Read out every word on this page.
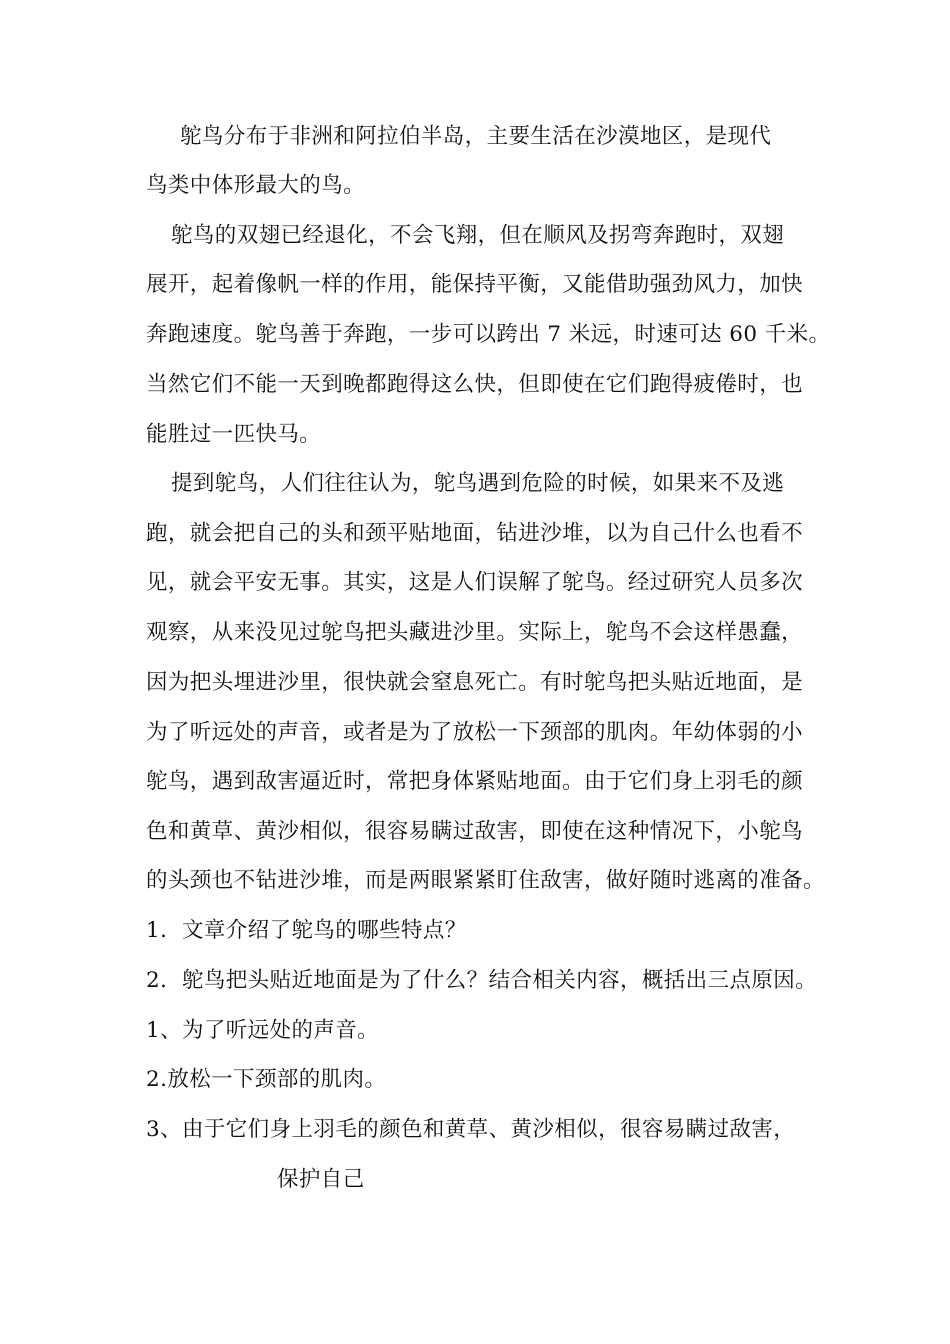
鸵鸟分布于非洲和阿拉伯半岛，主要生活在沙漠地区，是现代

鸟类中体形最大的鸟。

鸵鸟的双翅已经退化，不会飞翔，但在顺风及拐弯奔跑时，双翅

展开，起着像帆一样的作用，能保持平衡，又能借助强劲风力，加快

奔跑速度。鸵鸟善于奔跑，一步可以跨出 7 米远，时速可达 60 千米。

当然它们不能一天到晚都跑得这么快，但即使在它们跑得疲倦时，也

能胜过一匹快马。

提到鸵鸟，人们往往认为，鸵鸟遇到危险的时候，如果来不及逃

跑，就会把自己的头和颈平贴地面，钻进沙堆，以为自己什么也看不

见，就会平安无事。其实，这是人们误解了鸵鸟。经过研究人员多次

观察，从来没见过鸵鸟把头藏进沙里。实际上，鸵鸟不会这样愚蠢，

因为把头埋进沙里，很快就会窒息死亡。有时鸵鸟把头贴近地面，是

为了听远处的声音，或者是为了放松一下颈部的肌肉。年幼体弱的小

鸵鸟，遇到敌害逼近时，常把身体紧贴地面。由于它们身上羽毛的颜

色和黄草、黄沙相似，很容易瞒过敌害，即使在这种情况下，小鸵鸟

的头颈也不钻进沙堆，而是两眼紧紧盯住敌害，做好随时逃离的准备。

1．文章介绍了鸵鸟的哪些特点？

2．鸵鸟把头贴近地面是为了什么？结合相关内容，概括出三点原因。

1、为了听远处的声音。

2.放松一下颈部的肌肉。

3、由于它们身上羽毛的颜色和黄草、黄沙相似，很容易瞒过敌害，

保护自己
